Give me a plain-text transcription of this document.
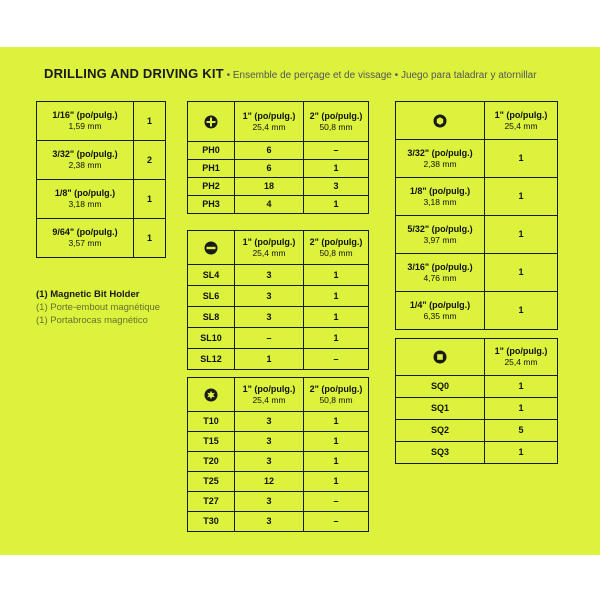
DRILLING AND DRIVING KIT • Ensemble de perçage et de vissage • Juego para taladrar y atornillar
1/16" (po/pulg.)
1,59 mm	1
3/32" (po/pulg.)
2,38 mm	2
1/8" (po/pulg.)
3,18 mm	1
9/64" (po/pulg.)
3,57 mm	1
(1) Magnetic Bit Holder
(1) Porte-embout magnétique
(1) Portabrocas magnético
	1" (po/pulg.)
25,4 mm	2" (po/pulg.)
50,8 mm

PH0	6	–
PH1	6	1
PH2	18	3
PH3	4	1
	1" (po/pulg.)
25,4 mm	2" (po/pulg.)
50,8 mm

SL4	3	1
SL6	3	1
SL8	3	1
SL10	–	1
SL12	1	–
	1" (po/pulg.)
25,4 mm	2" (po/pulg.)
50,8 mm

T10	3	1
T15	3	1
T20	3	1
T25	12	1
T27	3	–
T30	3	–
	1" (po/pulg.)
25,4 mm

3/32" (po/pulg.)
2,38 mm	1
1/8" (po/pulg.)
3,18 mm	1
5/32" (po/pulg.)
3,97 mm	1
3/16" (po/pulg.)
4,76 mm	1
1/4" (po/pulg.)
6,35 mm	1
	1" (po/pulg.)
25,4 mm

SQ0	1
SQ1	1
SQ2	5
SQ3	1
